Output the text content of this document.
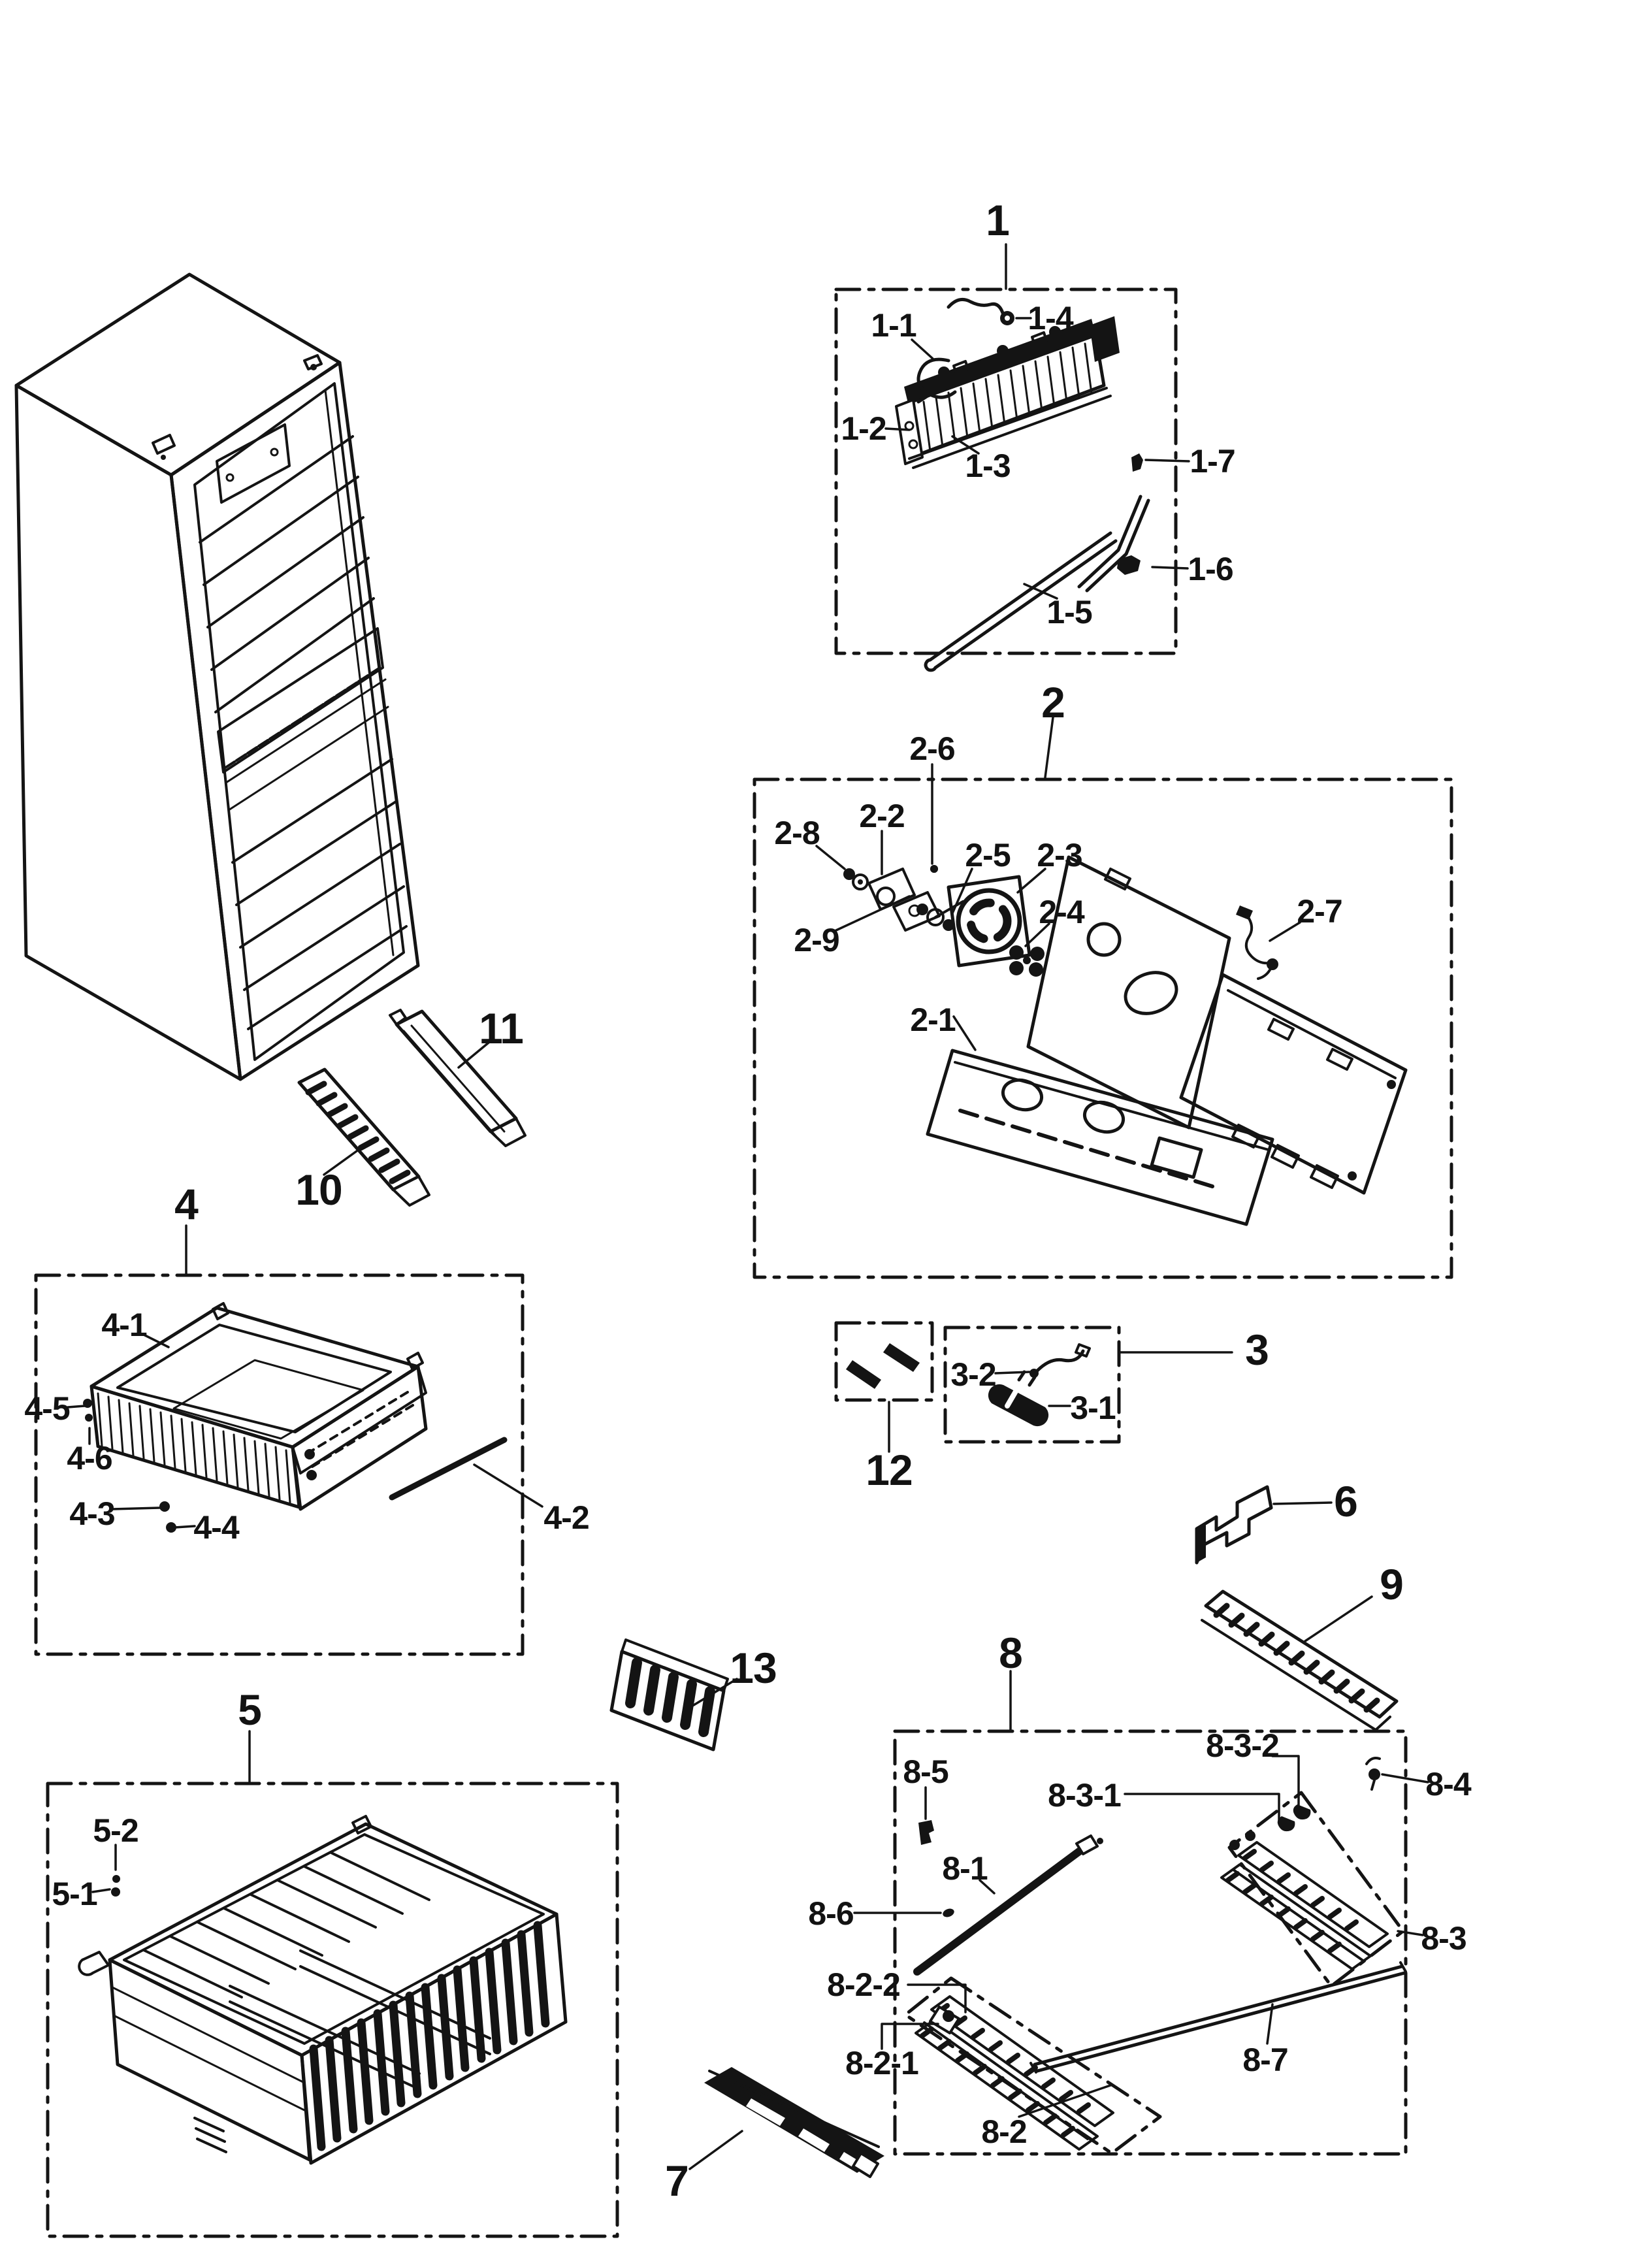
1
1-1
1-2
1-3
1-4
1-5
1-6
1-7
2
2-1
2-2
2-3
2-4
2-5
2-6
2-7
2-8
2-9
3
3-1
3-2
4
4-1
4-2
4-3 4-4
4-5
4-6
5
5-1
5-2
6
7
8
8-1
8-2
8-2-1
8-2-2
8-3
8-3-1
8-3-2
8-4
8-5
8-6
8-7
9
10
11
12
13
